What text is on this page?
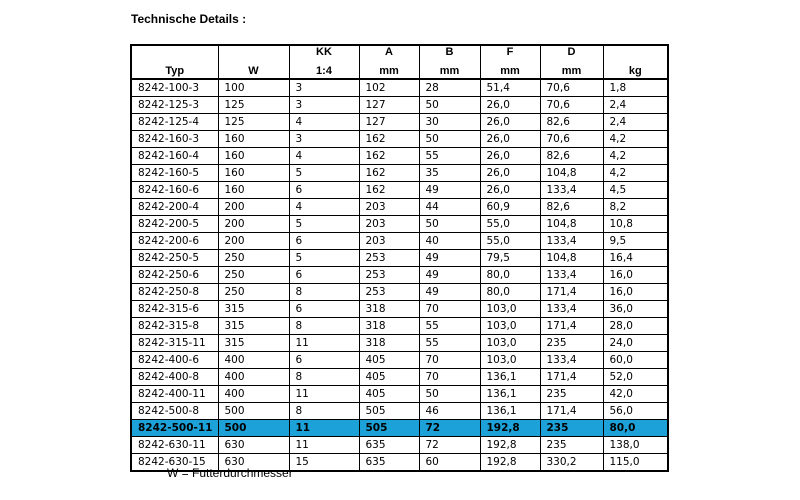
Technische Details :
		KK	A	B	F	D	
Typ	W	1:4	mm	mm	mm	mm	kg
8242-100-3	100	3	102	28	51,4	70,6	1,8
8242-125-3	125	3	127	50	26,0	70,6	2,4
8242-125-4	125	4	127	30	26,0	82,6	2,4
8242-160-3	160	3	162	50	26,0	70,6	4,2
8242-160-4	160	4	162	55	26,0	82,6	4,2
8242-160-5	160	5	162	35	26,0	104,8	4,2
8242-160-6	160	6	162	49	26,0	133,4	4,5
8242-200-4	200	4	203	44	60,9	82,6	8,2
8242-200-5	200	5	203	50	55,0	104,8	10,8
8242-200-6	200	6	203	40	55,0	133,4	9,5
8242-250-5	250	5	253	49	79,5	104,8	16,4
8242-250-6	250	6	253	49	80,0	133,4	16,0
8242-250-8	250	8	253	49	80,0	171,4	16,0
8242-315-6	315	6	318	70	103,0	133,4	36,0
8242-315-8	315	8	318	55	103,0	171,4	28,0
8242-315-11	315	11	318	55	103,0	235	24,0
8242-400-6	400	6	405	70	103,0	133,4	60,0
8242-400-8	400	8	405	70	136,1	171,4	52,0
8242-400-11	400	11	405	50	136,1	235	42,0
8242-500-8	500	8	505	46	136,1	171,4	56,0
8242-500-11	500	11	505	72	192,8	235	80,0
8242-630-11	630	11	635	72	192,8	235	138,0
8242-630-15	630	15	635	60	192,8	330,2	115,0
W = Futterdurchmesser
